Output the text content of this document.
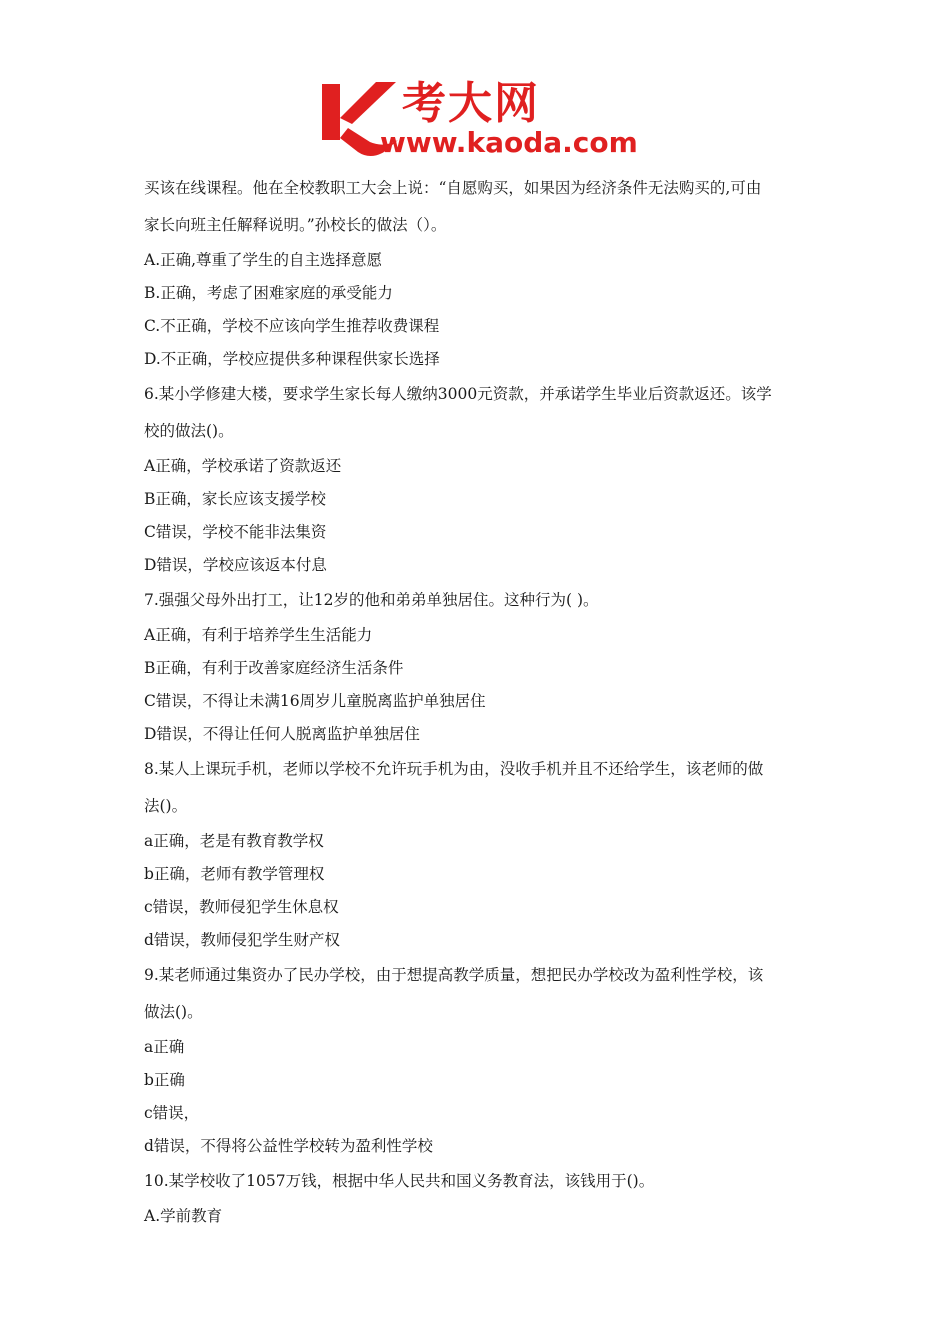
考大网
www.kaoda.com
买该在线课程。他在全校教职工大会上说：“自愿购买，如果因为经济条件无法购买的,可由
家长向班主任解释说明。”孙校长的做法（）。
A.正确,尊重了学生的自主选择意愿
B.正确，考虑了困难家庭的承受能力
C.不正确，学校不应该向学生推荐收费课程
D.不正确，学校应提供多种课程供家长选择
6.某小学修建大楼，要求学生家长每人缴纳3000元资款，并承诺学生毕业后资款返还。该学
校的做法()。
A正确，学校承诺了资款返还
B正确，家长应该支援学校
C错误，学校不能非法集资
D错误，学校应该返本付息
7.强强父母外出打工，让12岁的他和弟弟单独居住。这种行为( )。
A正确，有利于培养学生生活能力
B正确，有利于改善家庭经济生活条件
C错误，不得让未满16周岁儿童脱离监护单独居住
D错误，不得让任何人脱离监护单独居住
8.某人上课玩手机，老师以学校不允许玩手机为由，没收手机并且不还给学生，该老师的做
法()。
a正确，老是有教育教学权
b正确，老师有教学管理权
c错误，教师侵犯学生休息权
d错误，教师侵犯学生财产权
9.某老师通过集资办了民办学校，由于想提高教学质量，想把民办学校改为盈利性学校，该
做法()。
a正确
b正确
c错误，
d错误，不得将公益性学校转为盈利性学校
10.某学校收了1057万钱，根据中华人民共和国义务教育法，该钱用于()。
A.学前教育
